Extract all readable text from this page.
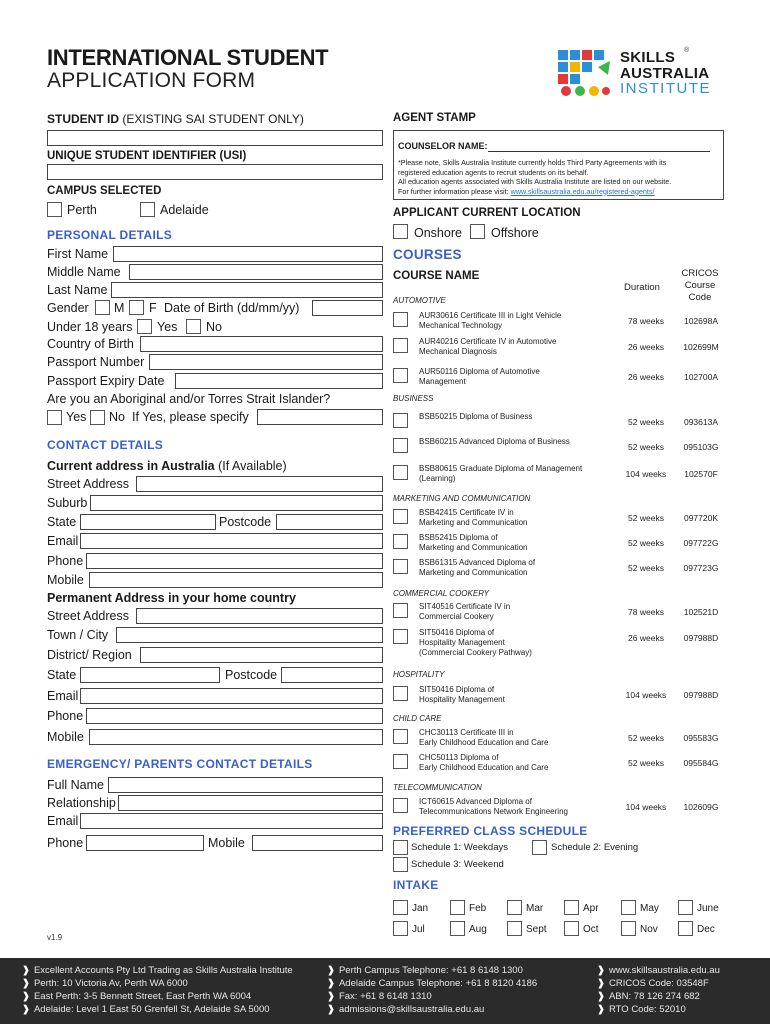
INTERNATIONAL STUDENT
APPLICATION FORM
SKILLS ®
AUSTRALIA
INSTITUTE
STUDENT ID (EXISTING SAI STUDENT ONLY)
UNIQUE STUDENT IDENTIFIER (USI)
CAMPUS SELECTED
Perth	Adelaide
PERSONAL DETAILS
First Name
Middle Name
Last Name
Gender M F Date of Birth (dd/mm/yy)
Under 18 years Yes No
Country of Birth
Passport Number
Passport Expiry Date
Are you an Aboriginal and/or Torres Strait Islander?
Yes No If Yes, please specify
CONTACT DETAILS
Current address in Australia (If Available)
Street Address
Suburb
State	Postcode
Email
Phone
Mobile
Permanent Address in your home country
Street Address
Town / City
District/ Region
State	Postcode
Email
Phone
Mobile
EMERGENCY/ PARENTS CONTACT DETAILS
Full Name
Relationship
Email
Phone	Mobile
v1.9
AGENT STAMP
COUNSELOR NAME:
*Please note, Skills Australia Institute currently holds Third Party Agreements with its
registered education agents to recruit students on its behalf.
All education agents associated with Skills Australia Institute are listed on our website.
For further information please visit: www.skillsaustralia.edu.au/registered-agents/
APPLICANT CURRENT LOCATION
Onshore Offshore
COURSES
COURSE NAME
Duration
CRICOS
Course
Code
AUTOMOTIVE
BUSINESS
MARKETING AND COMMUNICATION
COMMERCIAL COOKERY
HOSPITALITY
CHILD CARE
TELECOMMUNICATION
AUR30616 Certificate III in Light Vehicle
Mechanical Technology	78 weeks	102698A
AUR40216 Certificate IV in Automotive
Mechanical Diagnosis	26 weeks	102699M
AUR50116 Diploma of Automotive
Management	26 weeks	102700A
BSB50215 Diploma of Business
52 weeks	093613A
BSB60215 Advanced Diploma of Business
52 weeks	095103G
BSB80615 Graduate Diploma of Management
(Learning)	104 weeks	102570F
BSB42415 Certificate IV in
Marketing and Communication	52 weeks	097720K
BSB52415 Diploma of
Marketing and Communication	52 weeks	097722G
BSB61315 Advanced Diploma of
Marketing and Communication	52 weeks	097723G
SIT40516 Certificate IV in
Commercial Cookery	78 weeks	102521D
SIT50416 Diploma of
Hospitality Management
(Commercial Cookery Pathway)
26 weeks	097988D
SIT50416 Diploma of
Hospitality Management	104 weeks	097988D
CHC30113 Certificate III in
Early Childhood Education and Care	52 weeks	095583G
CHC50113 Diploma of
Early Childhood Education and Care	52 weeks	095584G
ICT60615 Advanced Diploma of
Telecommunications Network Engineering	104 weeks	102609G
PREFERRED CLASS SCHEDULE
Schedule 1: Weekdays	Schedule 2: Evening
Schedule 3: Weekend
INTAKE
Jan	Feb	Mar	Apr	May	June
Jul	Aug	Sept	Oct	Nov	Dec
❱ Excellent Accounts Pty Ltd Trading as Skills Australia Institute
❱ Perth: 10 Victoria Av, Perth WA 6000
❱ East Perth: 3-5 Bennett Street, East Perth WA 6004
❱ Adelaide: Level 1 East 50 Grenfell St, Adelaide SA 5000
❱ Perth Campus Telephone: +61 8 6148 1300
❱ Adelaide Campus Telephone: +61 8 8120 4186
❱ Fax: +61 8 6148 1310
❱ admissions@skillsaustralia.edu.au
❱ www.skillsaustralia.edu.au
❱ CRICOS Code: 03548F
❱ ABN: 78 126 274 682
❱ RTO Code: 52010
